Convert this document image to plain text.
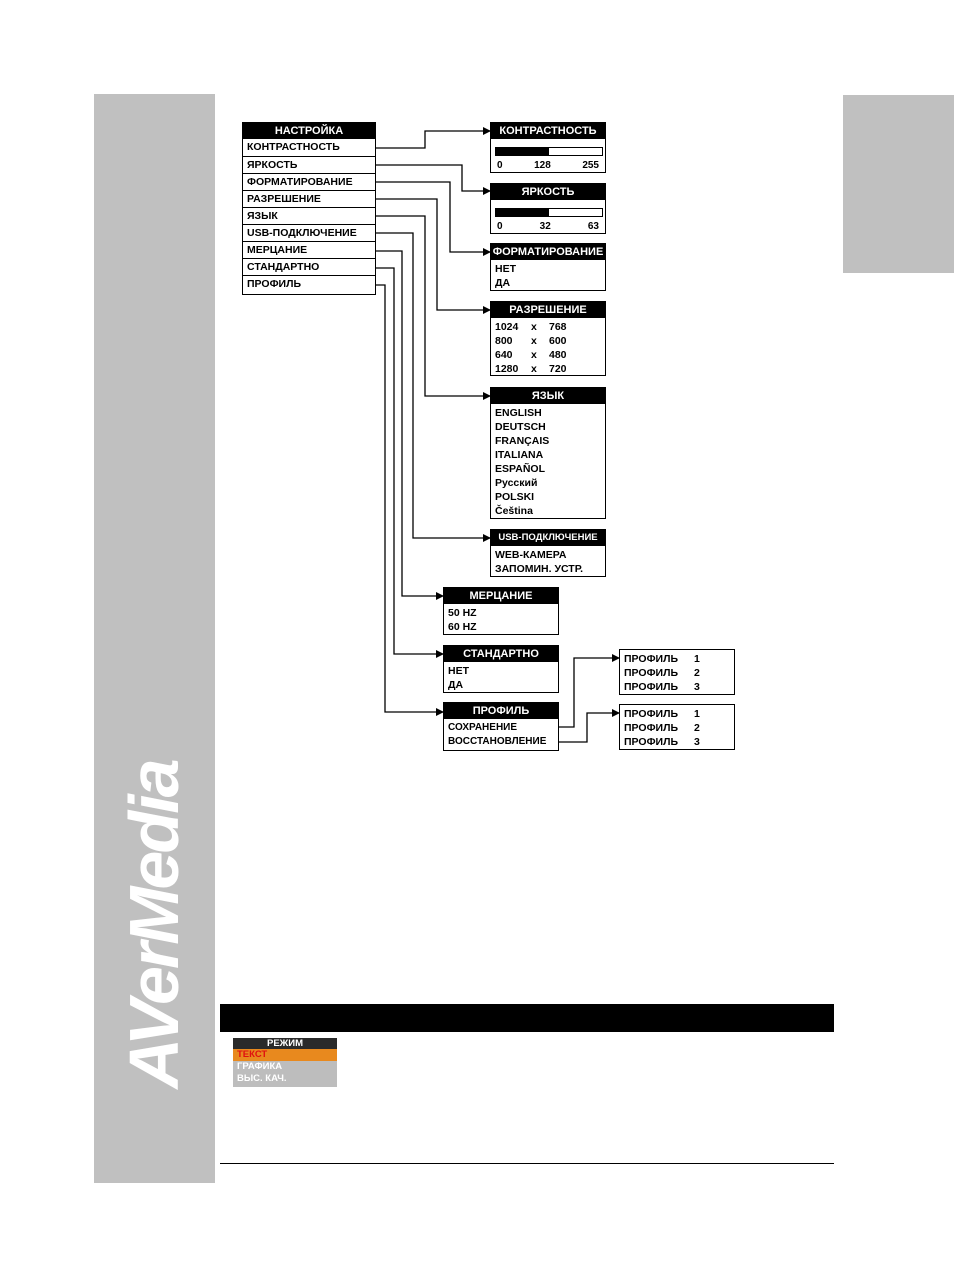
AVerMedia
НАСТРОЙКА
КОНТРАСТНОСТЬ
ЯРКОСТЬ
ФОРМАТИРОВАНИЕ
РАЗРЕШЕНИЕ
ЯЗЫК
USB-ПОДКЛЮЧЕНИЕ
МЕРЦАНИЕ
СТАНДАРТНО
ПРОФИЛЬ
КОНТРАСТНОСТЬ
0	128	255
ЯРКОСТЬ
0	32	63
ФОРМАТИРОВАНИЕ
НЕТ
ДА
РАЗРЕШЕНИЕ
1024	x	768
800	x	600
640	x	480
1280	x	720
ЯЗЫК
ENGLISH
DEUTSCH
FRANÇAIS
ITALIANA
ESPAÑOL
Русский
POLSKI
Čeština
USB-ПОДКЛЮЧЕНИЕ
WEB-КАМЕРА
ЗАПОМИН. УСТР.
МЕРЦАНИЕ
50 HZ
60 HZ
СТАНДАРТНО
НЕТ
ДА
ПРОФИЛЬ
СОХРАНЕНИЕ
ВОССТАНОВЛЕНИЕ
ПРОФИЛЬ	1
ПРОФИЛЬ	2
ПРОФИЛЬ	3
ПРОФИЛЬ	1
ПРОФИЛЬ	2
ПРОФИЛЬ	3
РЕЖИМ
ТЕКСТ
ГРАФИКА
ВЫС. КАЧ.
